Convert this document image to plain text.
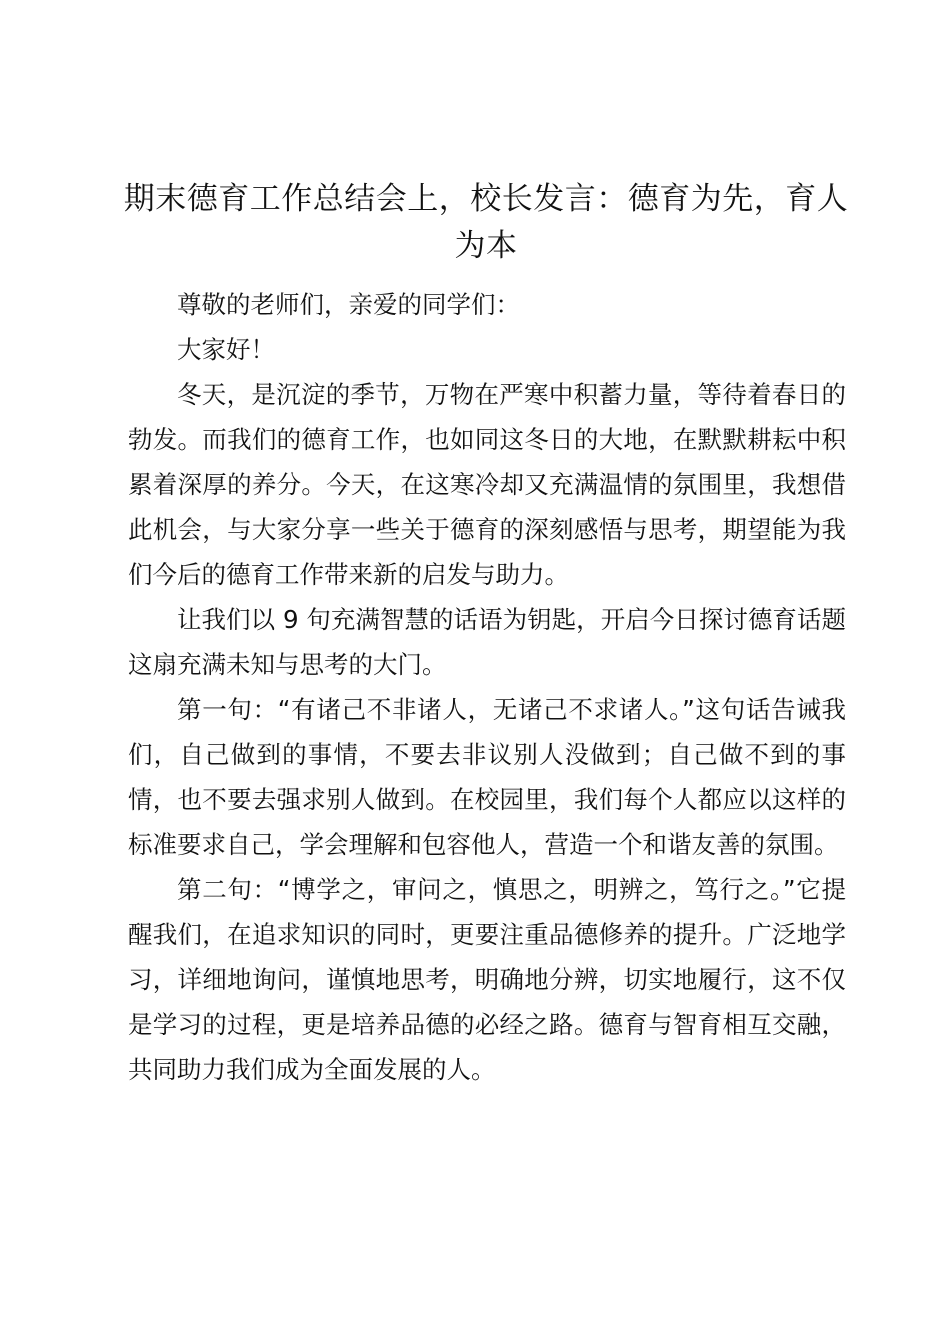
期末德育工作总结会上，校长发言：德育为先，育人为本

尊敬的老师们，亲爱的同学们：

大家好！

冬天，是沉淀的季节，万物在严寒中积蓄力量，等待着春日的勃发。而我们的德育工作，也如同这冬日的大地，在默默耕耘中积累着深厚的养分。今天，在这寒冷却又充满温情的氛围里，我想借此机会，与大家分享一些关于德育的深刻感悟与思考，期望能为我们今后的德育工作带来新的启发与助力。

让我们以 9 句充满智慧的话语为钥匙，开启今日探讨德育话题这扇充满未知与思考的大门。

第一句：“有诸己不非诸人，无诸己不求诸人。”这句话告诫我们，自己做到的事情，不要去非议别人没做到；自己做不到的事情，也不要去强求别人做到。在校园里，我们每个人都应以这样的标准要求自己，学会理解和包容他人，营造一个和谐友善的氛围。

第二句：“博学之，审问之，慎思之，明辨之，笃行之。”它提醒我们，在追求知识的同时，更要注重品德修养的提升。广泛地学习，详细地询问，谨慎地思考，明确地分辨，切实地履行，这不仅是学习的过程，更是培养品德的必经之路。德育与智育相互交融，共同助力我们成为全面发展的人。
